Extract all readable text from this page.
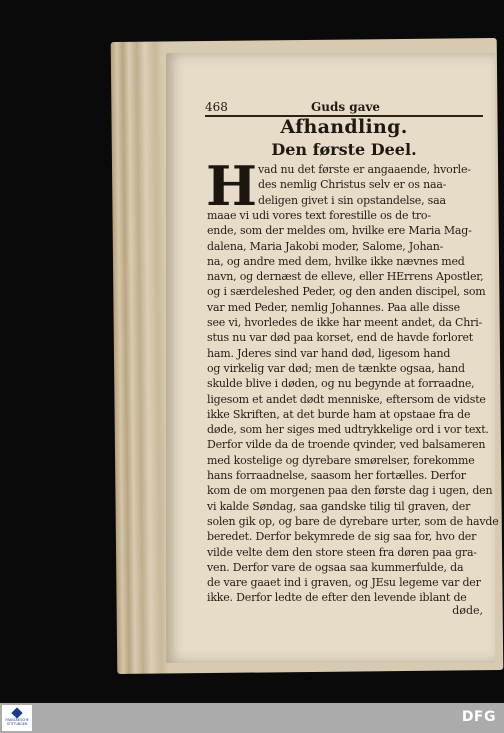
468	Guds gave
Afhandling.
Den første Deel.
H vad nu det første er angaaende, hvorle-
des nemlig Christus selv er os naa-
deligen givet i sin opstandelse, saa
maae vi udi vores text forestille os de tro-
ende, som der meldes om, hvilke ere Maria Mag-
dalena, Maria Jakobi moder, Salome, Johan-
na, og andre med dem, hvilke ikke nævnes med
navn, og dernæst de elleve, eller HErrens Apostler,
og i særdeleshed Peder, og den anden discipel, som
var med Peder, nemlig Johannes. Paa alle disse
see vi, hvorledes de ikke har meent andet, da Chri-
stus nu var død paa korset, end de havde forloret
ham. Jderes sind var hand død, ligesom hand
og virkelig var død; men de tænkte ogsaa, hand
skulde blive i døden, og nu begynde at forraadne,
ligesom et andet dødt menniske, eftersom de vidste
ikke Skriften, at det burde ham at opstaae fra de
døde, som her siges med udtrykkelige ord i vor text.
Derfor vilde da de troende qvinder, ved balsameren
med kostelige og dyrebare smørelser, forekomme
hans forraadnelse, saasom her fortælles. Derfor
kom de om morgenen paa den første dag i ugen, den
vi kalde Søndag, saa gandske tilig til graven, der
solen gik op, og bare de dyrebare urter, som de havde
beredet. Derfor bekymrede de sig saa for, hvo der
vilde velte dem den store steen fra døren paa gra-
ven. Derfor vare de ogsaa saa kummerfulde, da
de vare gaaet ind i graven, og JEsu legeme var der
ikke. Derfor ledte de efter den levende iblant de
døde,
FRANCKESCHE STIFTUNGEN	DFG
